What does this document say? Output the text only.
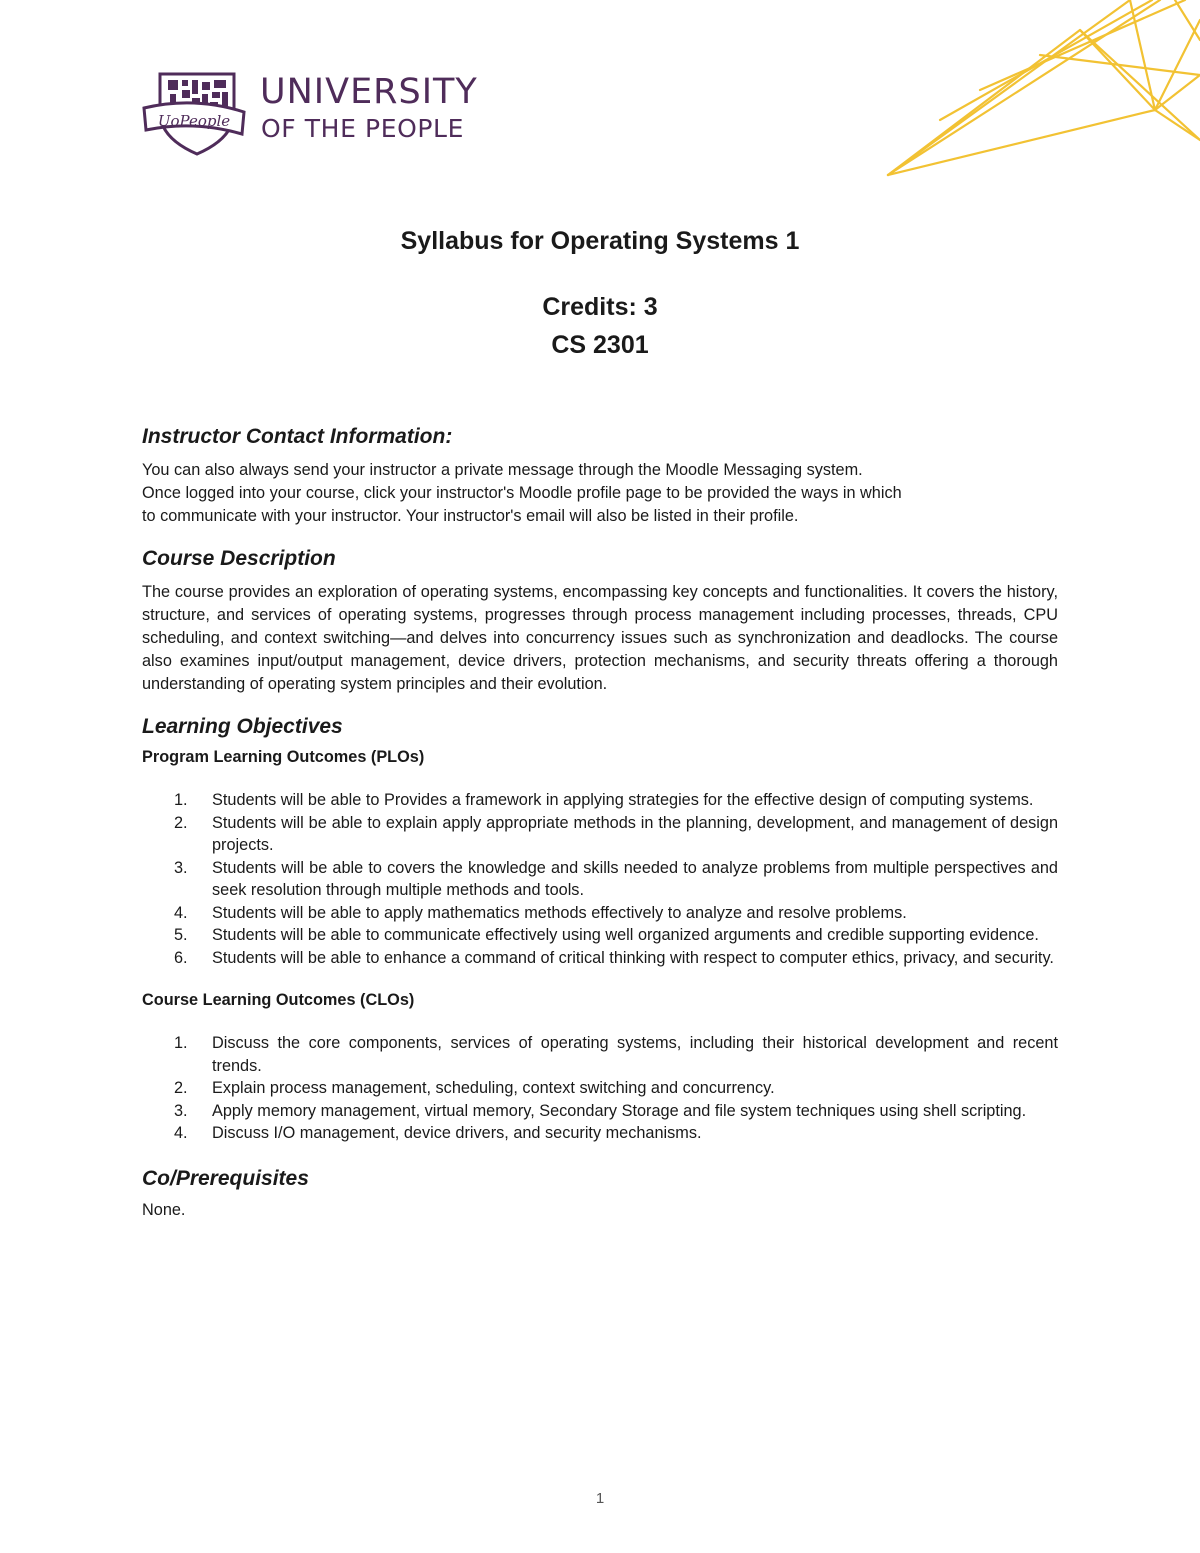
UoPeople
UNIVERSITY
OF THE PEOPLE

Syllabus for Operating Systems 1

Credits: 3

CS 2301

Instructor Contact Information:

You can also always send your instructor a private message through the Moodle Messaging system.

Once logged into your course, click your instructor's Moodle profile page to be provided the ways in which

to communicate with your instructor. Your instructor's email will also be listed in their profile.

Course Description

The course provides an exploration of operating systems, encompassing key concepts and functionalities. It covers the history, structure, and services of operating systems, progresses through process management including processes, threads, CPU scheduling, and context switching—and delves into concurrency issues such as synchronization and deadlocks. The course also examines input/output management, device drivers, protection mechanisms, and security threats offering a thorough understanding of operating system principles and their evolution.

Learning Objectives

Program Learning Outcomes (PLOs)

1. Students will be able to Provides a framework in applying strategies for the effective design of computing systems.
2. Students will be able to explain apply appropriate methods in the planning, development, and management of design projects.
3. Students will be able to covers the knowledge and skills needed to analyze problems from multiple perspectives and seek resolution through multiple methods and tools.
4. Students will be able to apply mathematics methods effectively to analyze and resolve problems.
5. Students will be able to communicate effectively using well organized arguments and credible supporting evidence.
6. Students will be able to enhance a command of critical thinking with respect to computer ethics, privacy, and security.

Course Learning Outcomes (CLOs)

1. Discuss the core components, services of operating systems, including their historical development and recent trends.
2. Explain process management, scheduling, context switching and concurrency.
3. Apply memory management, virtual memory, Secondary Storage and file system techniques using shell scripting.
4. Discuss I/O management, device drivers, and security mechanisms.
Co/Prerequisites

None.

1
